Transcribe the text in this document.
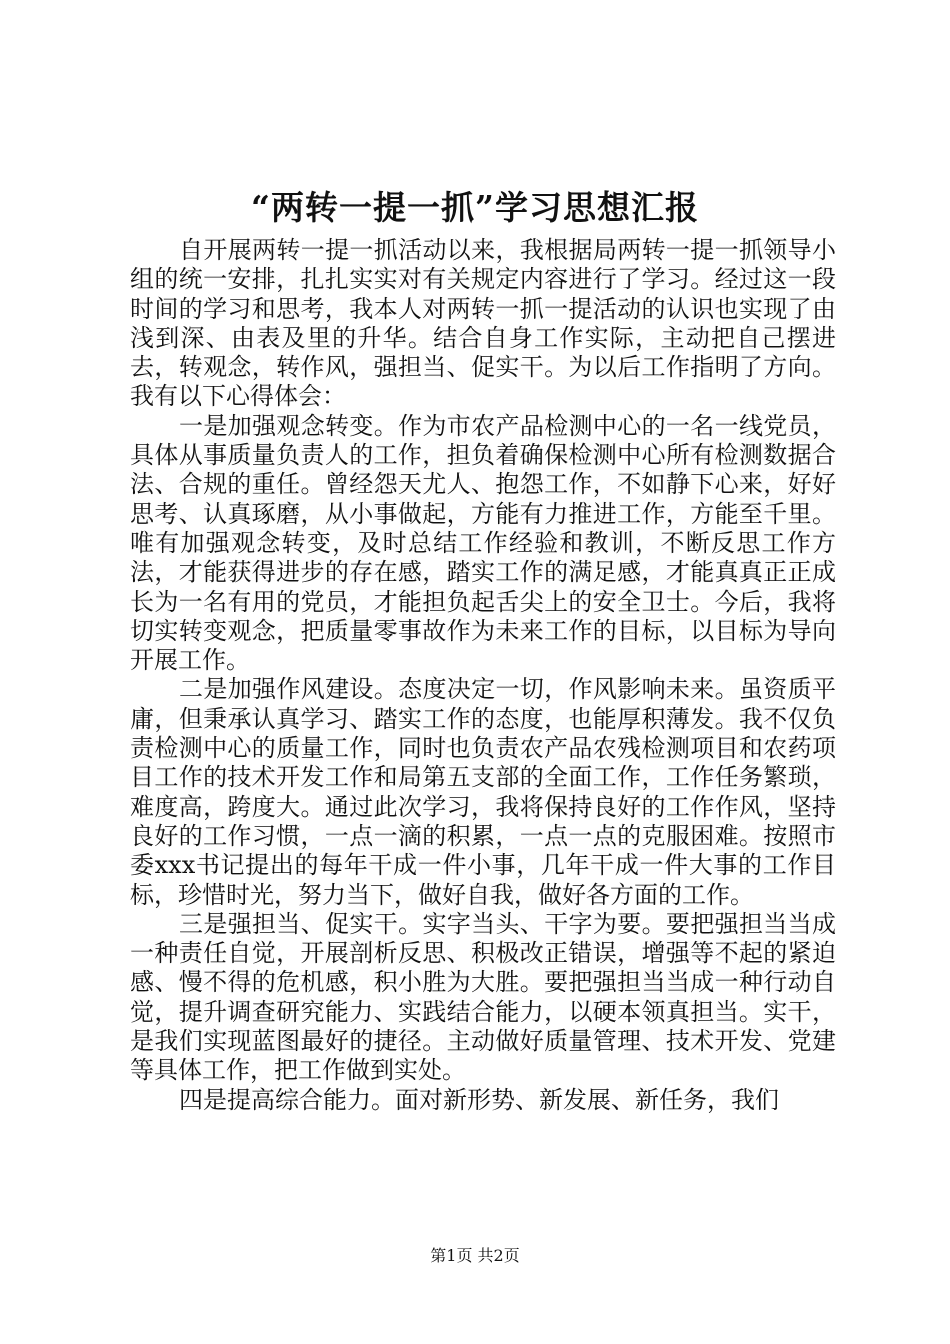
“两转一提一抓”学习思想汇报

自开展两转一提一抓活动以来，我根据局两转一提一抓领导小组的统一安排，扎扎实实对有关规定内容进行了学习。经过这一段时间的学习和思考，我本人对两转一抓一提活动的认识也实现了由浅到深、由表及里的升华。结合自身工作实际，主动把自己摆进去，转观念，转作风，强担当、促实干。为以后工作指明了方向。我有以下心得体会：

一是加强观念转变。作为市农产品检测中心的一名一线党员，具体从事质量负责人的工作，担负着确保检测中心所有检测数据合法、合规的重任。曾经怨天尤人、抱怨工作，不如静下心来，好好思考、认真琢磨，从小事做起，方能有力推进工作，方能至千里。唯有加强观念转变，及时总结工作经验和教训，不断反思工作方法，才能获得进步的存在感，踏实工作的满足感，才能真真正正成长为一名有用的党员，才能担负起舌尖上的安全卫士。今后，我将切实转变观念，把质量零事故作为未来工作的目标，以目标为导向开展工作。

二是加强作风建设。态度决定一切，作风影响未来。虽资质平庸，但秉承认真学习、踏实工作的态度，也能厚积薄发。我不仅负责检测中心的质量工作，同时也负责农产品农残检测项目和农药项目工作的技术开发工作和局第五支部的全面工作，工作任务繁琐，难度高，跨度大。通过此次学习，我将保持良好的工作作风，坚持良好的工作习惯，一点一滴的积累，一点一点的克服困难。按照市委xxx书记提出的每年干成一件小事，几年干成一件大事的工作目标，珍惜时光，努力当下，做好自我，做好各方面的工作。

三是强担当、促实干。实字当头、干字为要。要把强担当当成一种责任自觉，开展剖析反思、积极改正错误，增强等不起的紧迫感、慢不得的危机感，积小胜为大胜。要把强担当当成一种行动自觉，提升调查研究能力、实践结合能力，以硬本领真担当。实干，是我们实现蓝图最好的捷径。主动做好质量管理、技术开发、党建等具体工作，把工作做到实处。

四是提高综合能力。面对新形势、新发展、新任务，我们

第1页 共2页
